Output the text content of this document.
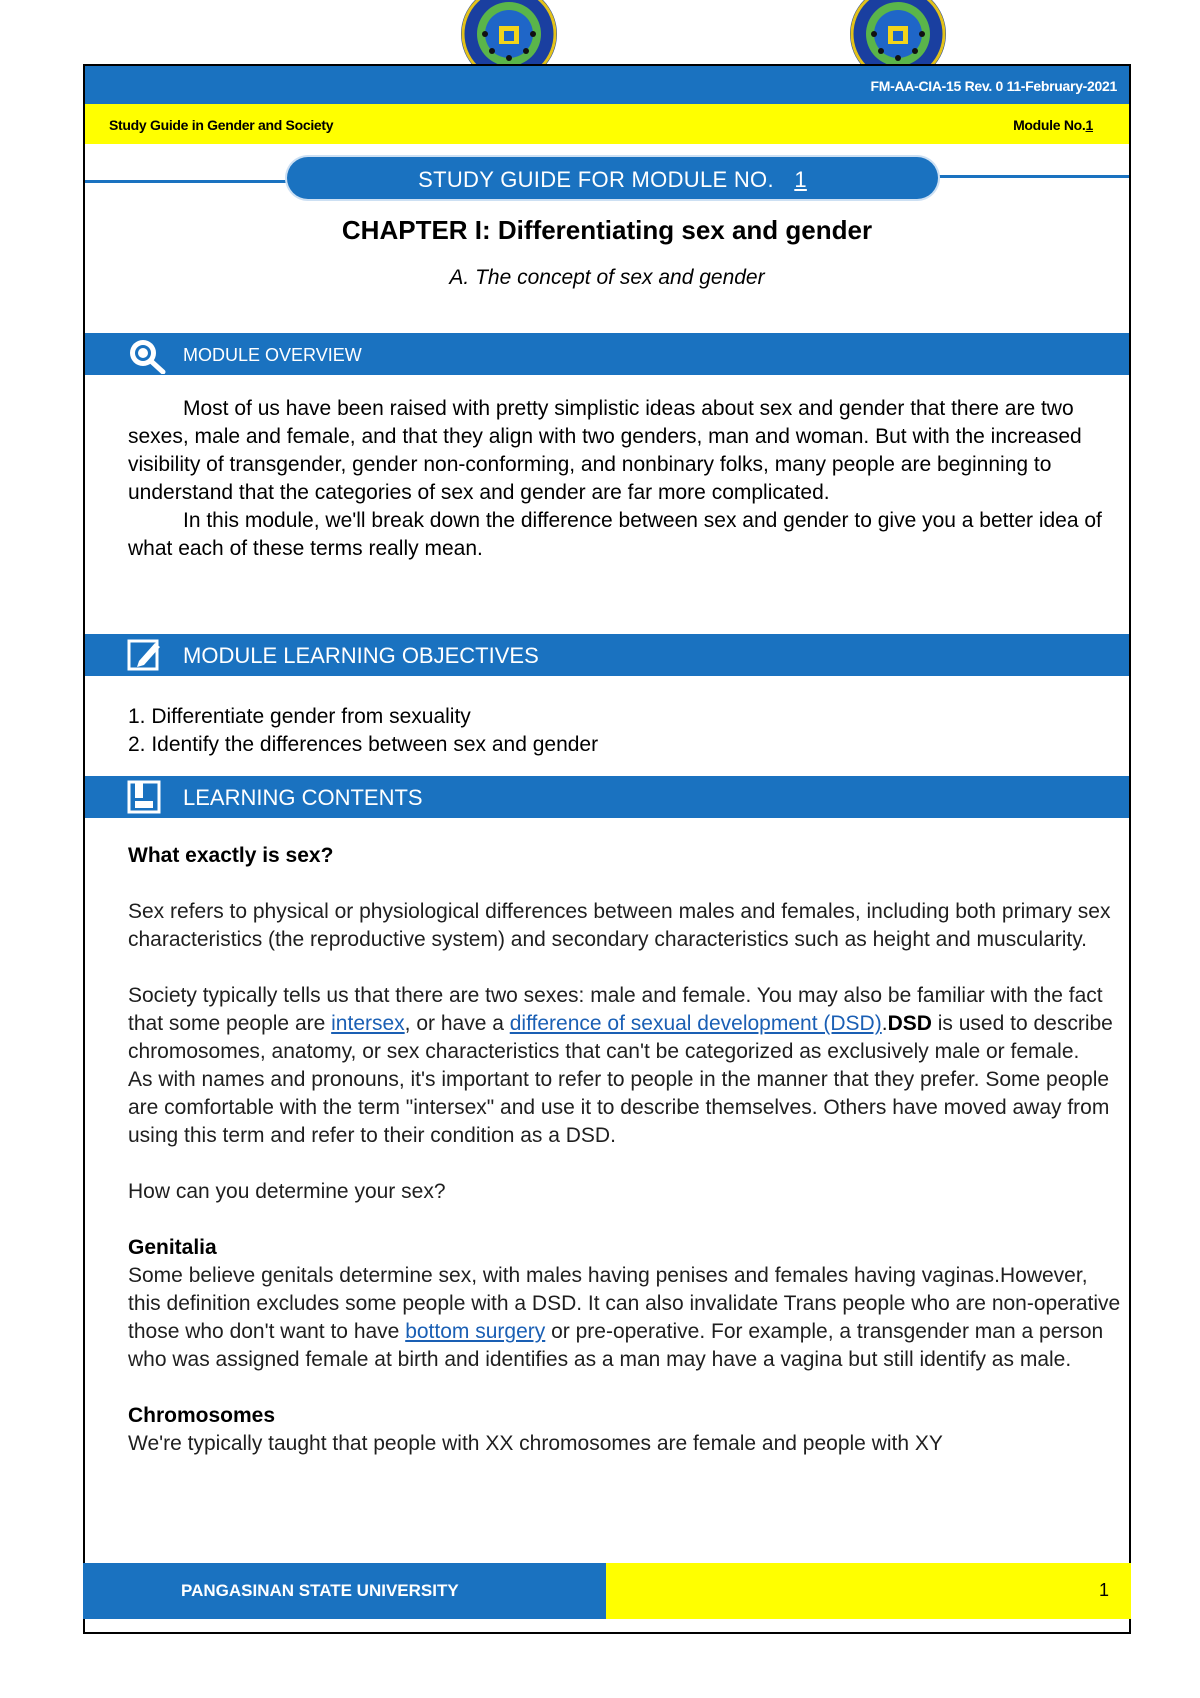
FM-AA-CIA-15 Rev. 0 11-February-2021
Study Guide in Gender and Society	Module No.1
STUDY GUIDE FOR MODULE NO. 1
CHAPTER I: Differentiating sex and gender
A. The concept of sex and gender
MODULE OVERVIEW

Most of us have been raised with pretty simplistic ideas about sex and gender that there are two sexes, male and female, and that they align with two genders, man and woman. But with the increased visibility of transgender, gender non-conforming, and nonbinary folks, many people are beginning to understand that the categories of sex and gender are far more complicated.

In this module, we'll break down the difference between sex and gender to give you a better idea of what each of these terms really mean.

MODULE LEARNING OBJECTIVES
1. Differentiate gender from sexuality
2. Identify the differences between sex and gender
LEARNING CONTENTS

What exactly is sex?

Sex refers to physical or physiological differences between males and females, including both primary sex characteristics (the reproductive system) and secondary characteristics such as height and muscularity.

Society typically tells us that there are two sexes: male and female. You may also be familiar with the fact that some people are intersex, or have a difference of sexual development (DSD).DSD is used to describe chromosomes, anatomy, or sex characteristics that can't be categorized as exclusively male or female.

As with names and pronouns, it's important to refer to people in the manner that they prefer. Some people are comfortable with the term "intersex" and use it to describe themselves. Others have moved away from using this term and refer to their condition as a DSD.

How can you determine your sex?

Genitalia

Some believe genitals determine sex, with males having penises and females having vaginas.However, this definition excludes some people with a DSD. It can also invalidate Trans people who are non-operative those who don't want to have bottom surgery or pre-operative. For example, a transgender man a person who was assigned female at birth and identifies as a man may have a vagina but still identify as male.

Chromosomes

We're typically taught that people with XX chromosomes are female and people with XY

PANGASINAN STATE UNIVERSITY	1
